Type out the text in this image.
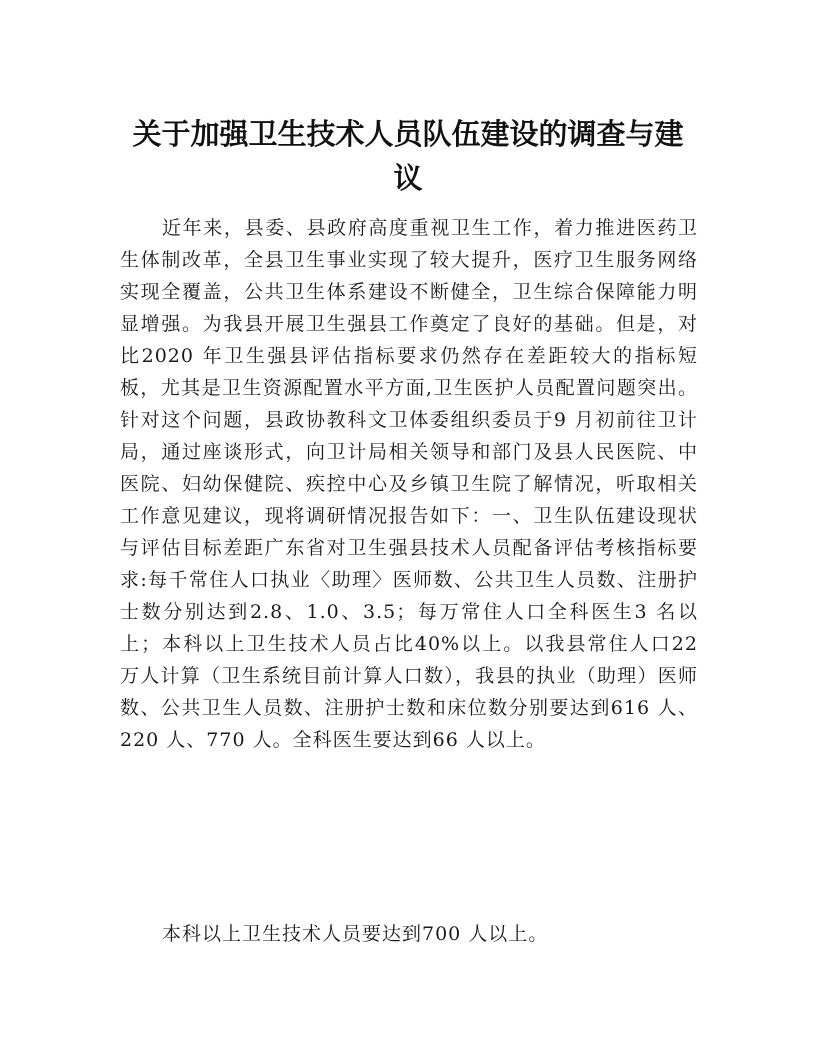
关于加强卫生技术人员队伍建设的调查与建议

近年来，县委、县政府高度重视卫生工作，着力推进医药卫生体制改革，全县卫生事业实现了较大提升，医疗卫生服务网络实现全覆盖，公共卫生体系建设不断健全，卫生综合保障能力明显增强。为我县开展卫生强县工作奠定了良好的基础。但是，对比2020 年卫生强县评估指标要求仍然存在差距较大的指标短板，尤其是卫生资源配置水平方面,卫生医护人员配置问题突出。针对这个问题，县政协教科文卫体委组织委员于9 月初前往卫计局，通过座谈形式，向卫计局相关领导和部门及县人民医院、中医院、妇幼保健院、疾控中心及乡镇卫生院了解情况，听取相关工作意见建议，现将调研情况报告如下：一、卫生队伍建设现状与评估目标差距广东省对卫生强县技术人员配备评估考核指标要求:每千常住人口执业〈助理〉医师数、公共卫生人员数、注册护士数分别达到2.8、1.0、3.5；每万常住人口全科医生3 名以上；本科以上卫生技术人员占比40%以上。以我县常住人口22 万人计算（卫生系统目前计算人口数），我县的执业（助理）医师数、公共卫生人员数、注册护士数和床位数分别要达到616 人、220 人、770 人。全科医生要达到66 人以上。

本科以上卫生技术人员要达到700 人以上。
